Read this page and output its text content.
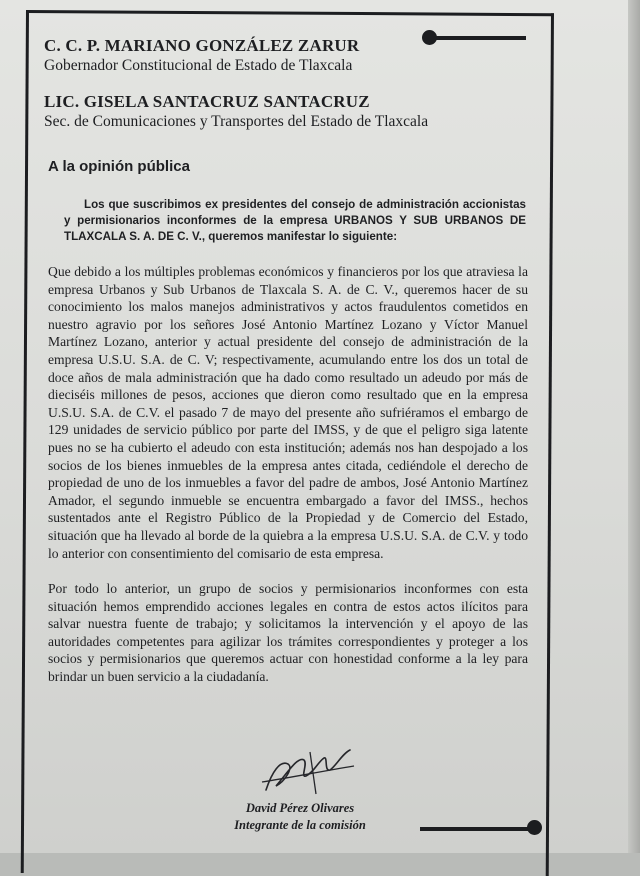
C. C. P. MARIANO GONZÁLEZ ZARUR

Gobernador Constitucional de Estado de Tlaxcala

LIC. GISELA SANTACRUZ SANTACRUZ

Sec. de Comunicaciones y Transportes del Estado de Tlaxcala

A la opinión pública

Los que suscribimos ex presidentes del consejo de administración accionistas y permisionarios inconformes de la empresa URBANOS Y SUB URBANOS DE TLAXCALA S. A. DE C. V., queremos manifestar lo siguiente:

Que debido a los múltiples problemas económicos y financieros por los que atraviesa la empresa Urbanos y Sub Urbanos de Tlaxcala S. A. de C. V., queremos hacer de su conocimiento los malos manejos administrativos y actos fraudulentos cometidos en nuestro agravio por los señores José Antonio Martínez Lozano y Víctor Manuel Martínez Lozano, anterior y actual presidente del consejo de administración de la empresa U.S.U. S.A. de C. V; respectivamente, acumulando entre los dos un total de doce años de mala administración que ha dado como resultado un adeudo por más de dieciséis millones de pesos, acciones que dieron como resultado que en la empresa U.S.U. S.A. de C.V. el pasado 7 de mayo del presente año sufriéramos el embargo de 129 unidades de servicio público por parte del IMSS, y de que el peligro siga latente pues no se ha cubierto el adeudo con esta institución; además nos han despojado a los socios de los bienes inmuebles de la empresa antes citada, cediéndole el derecho de propiedad de uno de los inmuebles a favor del padre de ambos, José Antonio Martínez Amador, el segundo inmueble se encuentra embargado a favor del IMSS., hechos sustentados ante el Registro Público de la Propiedad y de Comercio del Estado, situación que ha llevado al borde de la quiebra a la empresa U.S.U. S.A. de C.V. y todo lo anterior con consentimiento del comisario de esta empresa.

Por todo lo anterior, un grupo de socios y permisionarios inconformes con esta situación hemos emprendido acciones legales en contra de estos actos ilícitos para salvar nuestra fuente de trabajo; y solicitamos la intervención y el apoyo de las autoridades competentes para agilizar los trámites correspondientes y proteger a los socios y permisionarios que queremos actuar con honestidad conforme a la ley para brindar un buen servicio a la ciudadanía.

David Pérez Olivares
Integrante de la comisión
